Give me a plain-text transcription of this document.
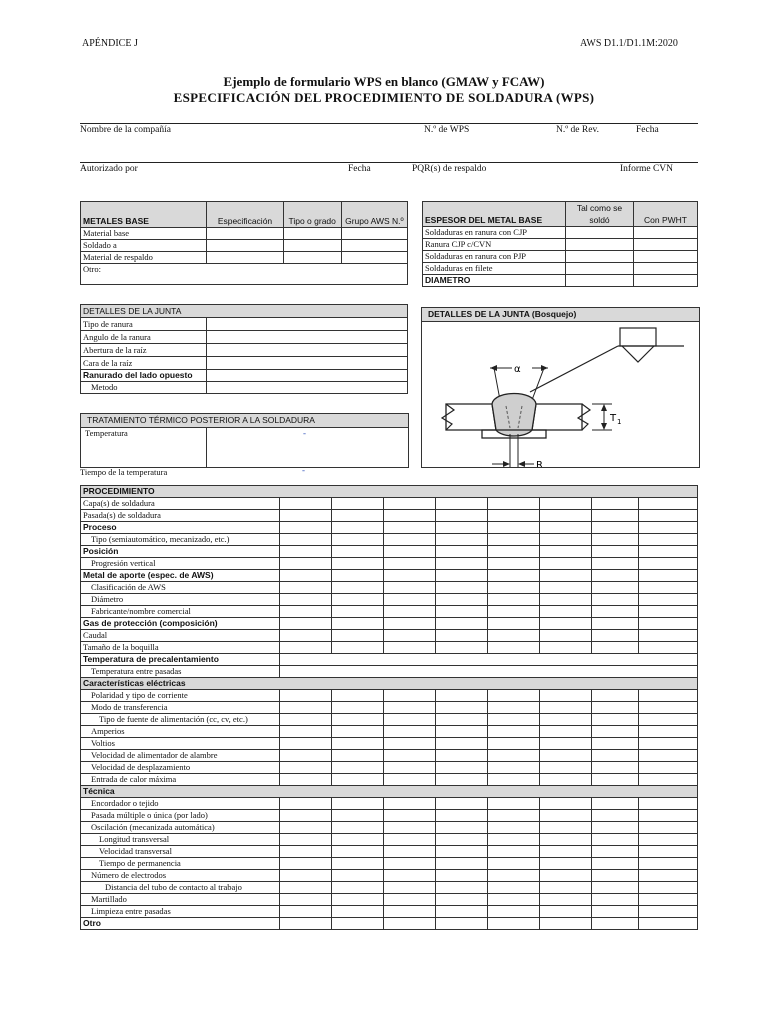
APÉNDICE J	AWS D1.1/D1.1M:2020
Ejemplo de formulario WPS en blanco (GMAW y FCAW)
ESPECIFICACIÓN DEL PROCEDIMIENTO DE SOLDADURA (WPS)
Nombre de la compañía	N.º de WPS	N.º de Rev.	Fecha
Autorizado por	Fecha	PQR(s) de respaldo	Informe CVN
METALES BASE	Especificación	Tipo o grado	Grupo AWS N.º
Material base			
Soldado a			
Material de respaldo			
Otro:			
ESPESOR DEL METAL BASE	Tal como se soldó	Con PWHT
Soldaduras en ranura con CJP		
Ranura CJP c/CVN		
Soldaduras en ranura con PJP		
Soldaduras en filete		
DIAMETRO		
DETALLES DE LA JUNTA	
Tipo de ranura	
Angulo de la ranura	
Abertura de la raíz	
Cara de la raíz	
Ranurado del lado opuesto	
Metodo	
DETALLES DE LA JUNTA (Bosquejo)
α
T 1
R
TRATAMIENTO TÉRMICO POSTERIOR A LA SOLDADURA
Temperatura	-
Tiempo de la temperatura	-
PROCEDIMIENTO								
Capa(s) de soldadura								
Pasada(s) de soldadura								
Proceso								
Tipo (semiautomático, mecanizado, etc.)								
Posición								
Progresión vertical								
Metal de aporte (espec. de AWS)								
Clasificación de AWS								
Diámetro								
Fabricante/nombre comercial								
Gas de protección (composición)								
Caudal								
Tamaño de la boquilla								
Temperatura de precalentamiento								
Temperatura entre pasadas								
Características eléctricas								
Polaridad y tipo de corriente								
Modo de transferencia								
Tipo de fuente de alimentación (cc, cv, etc.)								
Amperios								
Voltios								
Velocidad de alimentador de alambre								
Velocidad de desplazamiento								
Entrada de calor máxima								
Técnica								
Encordador o tejido								
Pasada múltiple o única (por lado)								
Oscilación (mecanizada automática)								
Longitud transversal								
Velocidad transversal								
Tiempo de permanencia								
Número de electrodos								
Distancia del tubo de contacto al trabajo								
Martillado								
Limpieza entre pasadas								
Otro								
